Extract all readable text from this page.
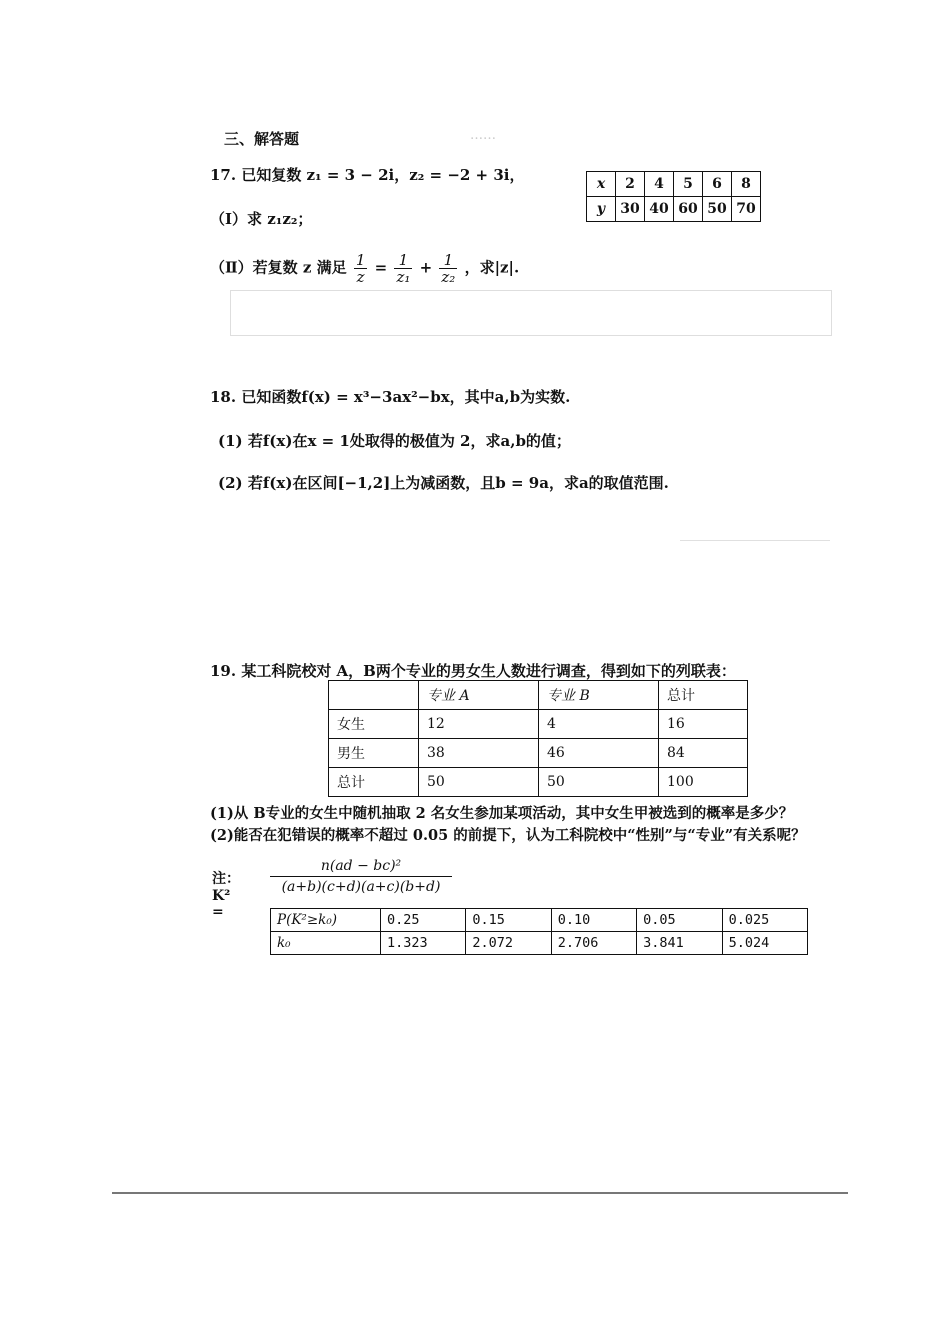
……
三、解答题
17. 已知复数 z₁ = 3 − 2i，z₂ = −2 + 3i，	x	2	4	5	6	8
y	30	40	60	50	70
（Ⅰ）求 z₁z₂；
（Ⅱ）若复数 z 满足 $\frac{1}{z} = \frac{1}{\text{z₁}} + \frac{1}{\text{z₂}}$ ，求|z|.
18. 已知函数f(x) = x³−3ax²−bx，其中a,b为实数.
(1) 若f(x)在x = 1处取得的极值为 2，求a,b的值；
(2) 若f(x)在区间[−1,2]上为减函数，且b = 9a，求a的取值范围.
19. 某工科院校对 A，B两个专业的男女生人数进行调查，得到如下的列联表：
	专业 A	专业 B	总计
女生	12	4	16
男生	38	46	84
总计	50	50	100
(1)从 B专业的女生中随机抽取 2 名女生参加某项活动，其中女生甲被选到的概率是多少？
(2)能否在犯错误的概率不超过 0.05 的前提下，认为工科院校中“性别”与“专业”有关系呢？
注：K² =
$\frac{\text{n(ad − bc)²}}{(a+b)(c+d)(a+c)(b+d)}$
P(K²≥k₀)	0.25	0.15	0.10	0.05	0.025
k₀	1.323	2.072	2.706	3.841	5.024
